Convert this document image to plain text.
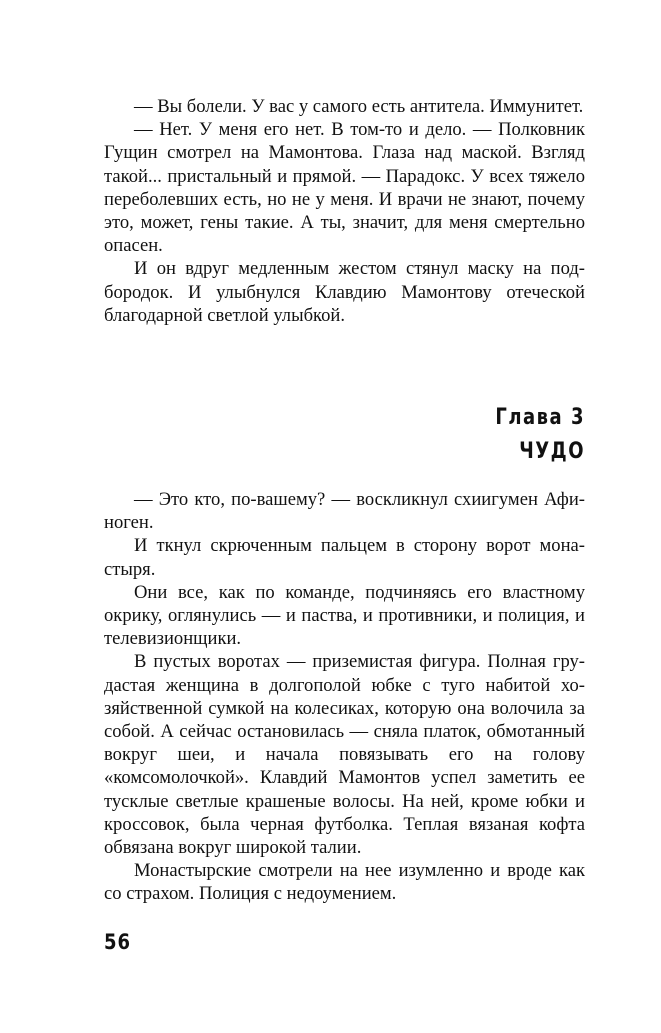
— Вы болели. У вас у самого есть антитела. Иммунитет.

— Нет. У меня его нет. В том-то и дело. — Полковник Гущин смотрел на Мамонтова. Глаза над маской. Взгляд такой... пристальный и прямой. — Парадокс. У всех тяжело переболевших есть, но не у меня. И врачи не знают, почему это, может, гены такие. А ты, значит, для меня смертельно опасен.

И он вдруг медленным жестом стянул маску на подбородок. И улыбнулся Клавдию Мамонтову отеческой благодарной светлой улыбкой.

Глава 3
ЧУДО

— Это кто, по-вашему? — воскликнул схиигумен Афиноген.

И ткнул скрюченным пальцем в сторону ворот монастыря.

Они все, как по команде, подчиняясь его властному окрику, оглянулись — и паства, и противники, и полиция, и телевизионщики.

В пустых воротах — приземистая фигура. Полная грудастая женщина в долгополой юбке с туго набитой хозяйственной сумкой на колесиках, которую она волочила за собой. А сейчас остановилась — сняла платок, обмотанный вокруг шеи, и начала повязывать его на голову «комсомолочкой». Клавдий Мамонтов успел заметить ее тусклые светлые крашеные волосы. На ней, кроме юбки и кроссовок, была черная футболка. Теплая вязаная кофта обвязана вокруг широкой талии.

Монастырские смотрели на нее изумленно и вроде как со страхом. Полиция с недоумением.

56
